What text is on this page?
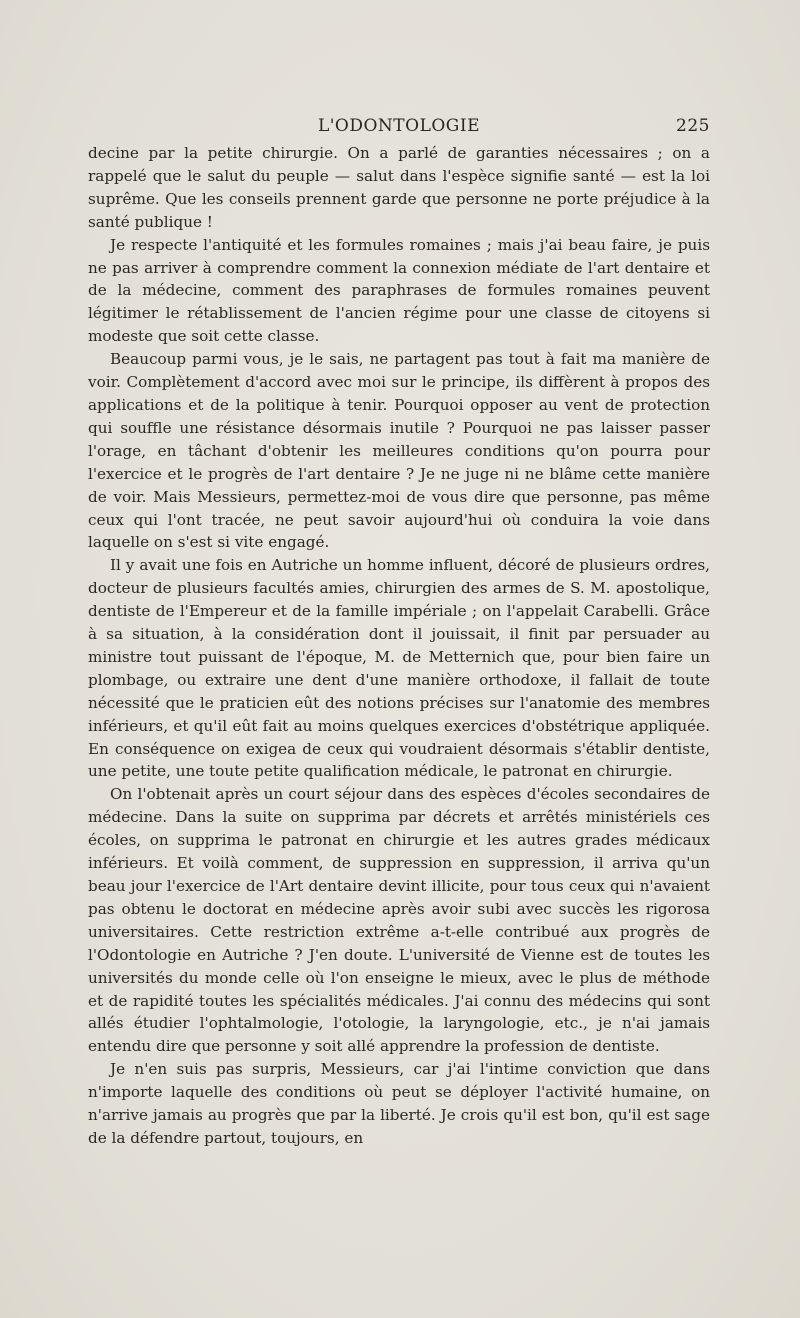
L'ODONTOLOGIE	225

decine par la petite chirurgie. On a parlé de garanties nécessaires ; on a rappelé que le salut du peuple — salut dans l'espèce signifie santé — est la loi suprême. Que les conseils prennent garde que personne ne porte préjudice à la santé publique !

Je respecte l'antiquité et les formules romaines ; mais j'ai beau faire, je puis ne pas arriver à comprendre comment la connexion médiate de l'art dentaire et de la médecine, comment des paraphrases de formules romaines peuvent légitimer le rétablissement de l'ancien régime pour une classe de citoyens si modeste que soit cette classe.

Beaucoup parmi vous, je le sais, ne partagent pas tout à fait ma manière de voir. Complètement d'accord avec moi sur le principe, ils diffèrent à propos des applications et de la politique à tenir. Pourquoi opposer au vent de protection qui souffle une résistance désormais inutile ? Pourquoi ne pas laisser passer l'orage, en tâchant d'obtenir les meilleures conditions qu'on pourra pour l'exercice et le progrès de l'art dentaire ? Je ne juge ni ne blâme cette manière de voir. Mais Messieurs, permettez-moi de vous dire que personne, pas même ceux qui l'ont tracée, ne peut savoir aujourd'hui où conduira la voie dans laquelle on s'est si vite engagé.

Il y avait une fois en Autriche un homme influent, décoré de plusieurs ordres, docteur de plusieurs facultés amies, chirurgien des armes de S. M. apostolique, dentiste de l'Empereur et de la famille impériale ; on l'appelait Carabelli. Grâce à sa situation, à la considération dont il jouissait, il finit par persuader au ministre tout puissant de l'époque, M. de Metternich que, pour bien faire un plombage, ou extraire une dent d'une manière orthodoxe, il fallait de toute nécessité que le praticien eût des notions précises sur l'anatomie des membres inférieurs, et qu'il eût fait au moins quelques exercices d'obstétrique appliquée. En conséquence on exigea de ceux qui voudraient désormais s'établir dentiste, une petite, une toute petite qualification médicale, le patronat en chirurgie.

On l'obtenait après un court séjour dans des espèces d'écoles secondaires de médecine. Dans la suite on supprima par décrets et arrêtés ministériels ces écoles, on supprima le patronat en chirurgie et les autres grades médicaux inférieurs. Et voilà comment, de suppression en suppression, il arriva qu'un beau jour l'exercice de l'Art dentaire devint illicite, pour tous ceux qui n'avaient pas obtenu le doctorat en médecine après avoir subi avec succès les rigorosa universitaires. Cette restriction extrême a-t-elle contribué aux progrès de l'Odontologie en Autriche ? J'en doute. L'université de Vienne est de toutes les universités du monde celle où l'on enseigne le mieux, avec le plus de méthode et de rapidité toutes les spécialités médicales. J'ai connu des médecins qui sont allés étudier l'ophtalmologie, l'otologie, la laryngologie, etc., je n'ai jamais entendu dire que personne y soit allé apprendre la profession de dentiste.

Je n'en suis pas surpris, Messieurs, car j'ai l'intime conviction que dans n'importe laquelle des conditions où peut se déployer l'activité humaine, on n'arrive jamais au progrès que par la liberté. Je crois qu'il est bon, qu'il est sage de la défendre partout, toujours, en
